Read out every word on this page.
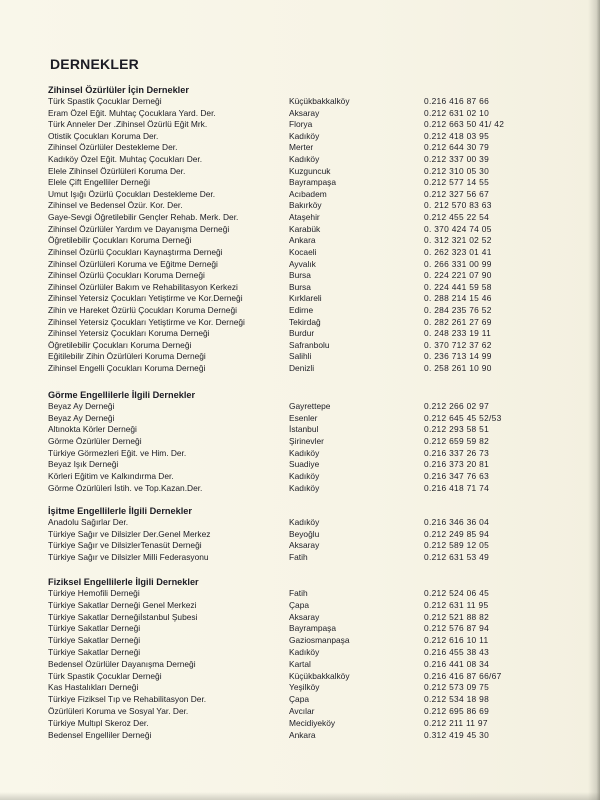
DERNEKLER
Zihinsel Özürlüler İçin Dernekler
Türk Spastik Çocuklar Derneği	Küçükbakkalköy	0.216 416 87 66
Eram Özel Eğit. Muhtaç Çocuklara Yard. Der.	Aksaray	0.212 631 02 10
Türk Anneler Der .Zihinsel Özürlü Eğit Mrk.	Florya	0.212 663 50 41/ 42
Otistik Çocukları Koruma Der.	Kadıköy	0.212 418 03 95
Zihinsel Özürlüler Destekleme Der.	Merter	0.212 644 30 79
Kadıköy Özel Eğit. Muhtaç Çocukları Der.	Kadıköy	0.212 337 00 39
Elele Zihinsel Özürlüleri Koruma Der.	Kuzguncuk	0.212 310 05 30
Elele Çift Engelliler Derneği	Bayrampaşa	0.212 577 14 55
Umut Işığı Özürlü Çocukları Destekleme Der.	Acıbadem	0.212 327 56 67
Zihinsel ve Bedensel Özür. Kor. Der.	Bakırköy	0. 212 570 83 63
Gaye-Sevgi Öğretilebilir Gençler Rehab. Merk. Der.	Ataşehir	0.212 455 22 54
Zihinsel Özürlüler Yardım ve Dayanışma Derneği	Karabük	0. 370 424 74 05
Öğretilebilir Çocukları Koruma Derneği	Ankara	0. 312 321 02 52
Zihinsel Özürlü Çocukları Kaynaştırma Derneği	Kocaeli	0. 262 323 01 41
Zihinsel Özürlüleri Koruma ve Eğitme Derneği	Ayvalık	0. 266 331 00 99
Zihinsel Özürlü Çocukları Koruma Derneği	Bursa	0. 224 221 07 90
Zihinsel Özürlüler Bakım ve Rehabilitasyon Kerkezi	Bursa	0. 224 441 59 58
Zihinsel Yetersiz Çocukları Yetiştirme ve Kor.Derneği	Kırklareli	0. 288 214 15 46
Zihin ve Hareket Özürlü Çocukları Koruma Derneği	Edirne	0. 284 235 76 52
Zihinsel Yetersiz Çocukları Yetiştirme ve Kor. Derneği	Tekirdağ	0. 282 261 27 69
Zihinsel Yetersiz Çocukları Koruma Derneği	Burdur	0. 248 233 19 11
Öğretilebilir Çocukları Koruma Derneği	Safranbolu	0. 370 712 37 62
Eğitilebilir Zihin Özürlüleri Koruma Derneği	Salihli	0. 236 713 14 99
Zihinsel Engelli Çocukları Koruma Derneği	Denizli	0. 258 261 10 90
Görme Engellilerle İlgili Dernekler
Beyaz Ay Derneği	Gayrettepe	0.212 266 02 97
Beyaz Ay Derneği	Esenler	0.212 645 45 52/53
Altınokta Körler Derneği	İstanbul	0.212 293 58 51
Görme Özürlüler Derneği	Şirinevler	0.212 659 59 82
Türkiye Görmezleri Eğit. ve Him. Der.	Kadıköy	0.216 337 26 73
Beyaz Işık Derneği	Suadiye	0.216 373 20 81
Körleri Eğitim ve Kalkındırma Der.	Kadıköy	0.216 347 76 63
Görme Özürlüleri İstih. ve Top.Kazan.Der.	Kadıköy	0.216 418 71 74
İşitme Engellilerle İlgili Dernekler
Anadolu Sağırlar Der.	Kadıköy	0.216 346 36 04
Türkiye Sağır ve Dilsizler Der.Genel Merkez	Beyoğlu	0.212 249 85 94
Türkiye Sağır ve DilsizlerTenasüt Derneği	Aksaray	0.212 589 12 05
Türkiye Sağır ve Dilsizler Milli Federasyonu	Fatih	0.212 631 53 49
Fiziksel Engellilerle İlgili Dernekler
Türkiye Hemofili Derneği	Fatih	0.212 524 06 45
Türkiye Sakatlar Derneği Genel Merkezi	Çapa	0.212 631 11 95
Türkiye Sakatlar Derneğiİstanbul Şubesi	Aksaray	0.212 521 88 82
Türkiye Sakatlar Derneği	Bayrampaşa	0.212 576 87 94
Türkiye Sakatlar Derneği	Gaziosmanpaşa	0.212 616 10 11
Türkiye Sakatlar Derneği	Kadıköy	0.216 455 38 43
Bedensel Özürlüler Dayanışma Derneği	Kartal	0.216 441 08 34
Türk Spastik Çocuklar Derneği	Küçükbakkalköy	0.216 416 87 66/67
Kas Hastalıkları Derneği	Yeşilköy	0.212 573 09 75
Türkiye Fiziksel Tıp ve Rehabilitasyon Der.	Çapa	0.212 534 18 98
Özürlüleri Koruma ve Sosyal Yar. Der.	Avcılar	0.212 695 86 69
Türkiye Multıpl Skeroz Der.	Mecidiyeköy	0.212 211 11 97
Bedensel Engelliler Derneği	Ankara	0.312 419 45 30
